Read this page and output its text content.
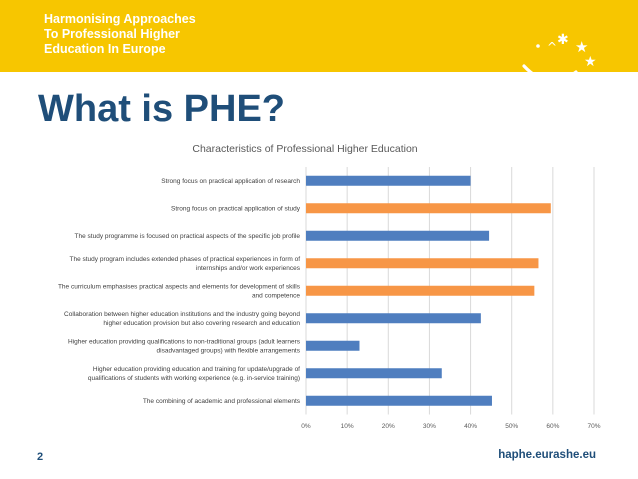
Harmonising Approaches
To Professional Higher
Education In Europe	^ ✱ ★
★
What is PHE?
Characteristics of Professional Higher Education
0%	10%	20%	30%	40%	50%	60%	70%
Strong focus on practical application of research
Strong focus on practical application of study
The study programme is focused on practical aspects of the specific job profile
The study program includes extended phases of practical experiences in form of
internships and/or work experiences
The curriculum emphasises practical aspects and elements for development of skills
and competence
Collaboration between higher education institutions and the industry going beyond
higher education provision but also covering research and education
Higher education providing qualifications to non-traditional groups (adult learners
disadvantaged groups) with flexible arrangements
Higher education providing education and training for update/upgrade of
qualifications of students with working experience (e.g. in-service training)
The combining of academic and professional elements
2	haphe.eurashe.eu
